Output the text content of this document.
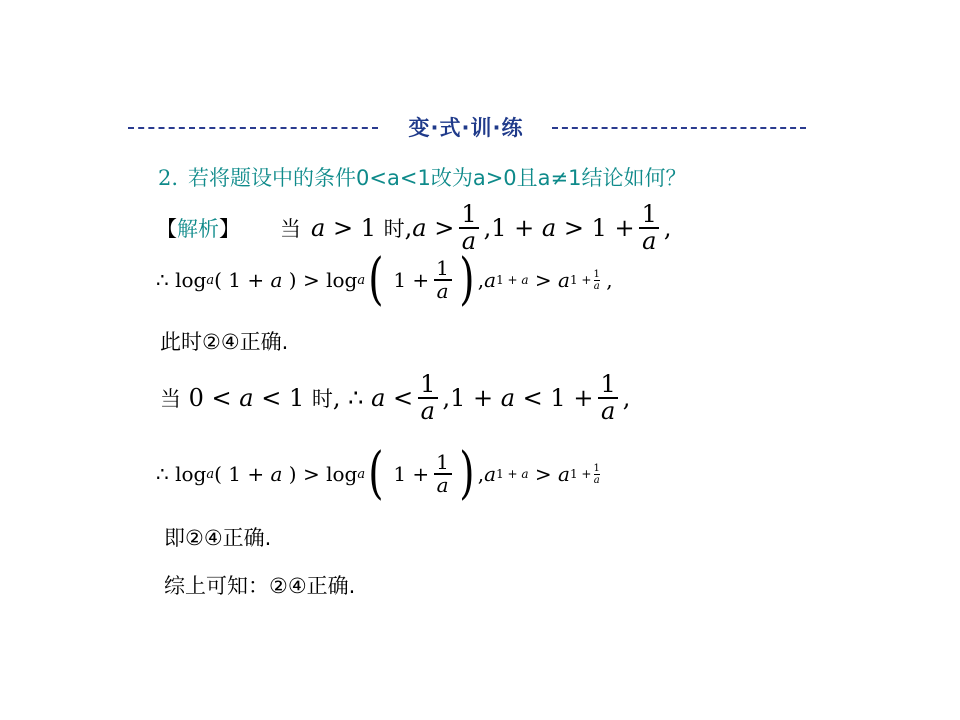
变·式·训·练
2. 若将题设中的条件0<a<1改为a>0且a≠1结论如何？
【解析】 当 a > 1
时 , $a > \frac{1}{a}$ , $1 + a > 1 + \frac{1}{a}$ ,
∴
log a ( 1 + a ) > log a (
$1 + \frac{1}{a}$ ) , a 1 + a > a $1 + \frac{1}{a}$ ,
此时②④正确.
当
0 < a < 1
时 , ∴
$a < \frac{1}{a}$ , $1 + a < 1 + \frac{1}{a}$ ,
∴
log a ( 1 + a ) > log a (
$1 + \frac{1}{a}$ ) , a 1 + a > a $1 + \frac{1}{a}$
即②④正确.
综上可知：②④正确.
